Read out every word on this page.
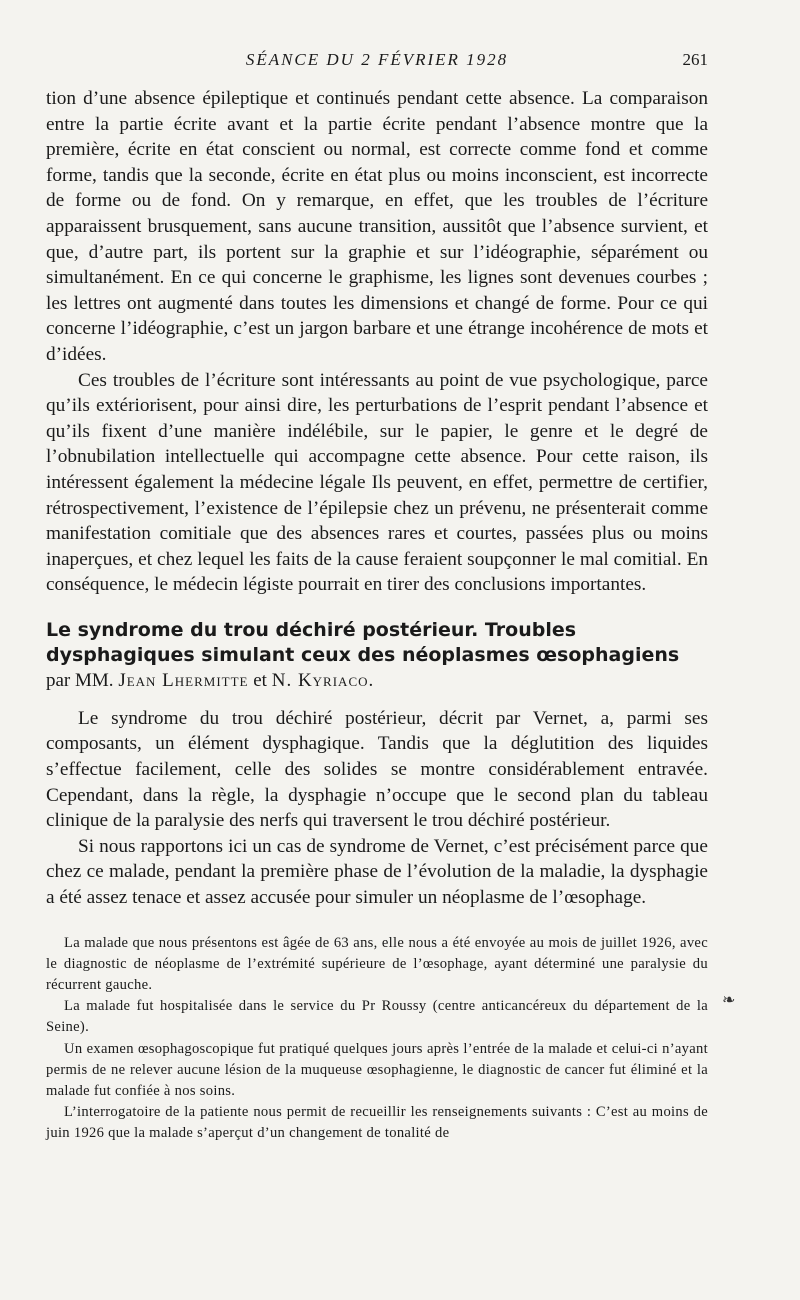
SÉANCE DU 2 FÉVRIER 1928	261

tion d’une absence épileptique et continués pendant cette absence. La comparaison entre la partie écrite avant et la partie écrite pendant l’absence montre que la première, écrite en état conscient ou normal, est correcte comme fond et comme forme, tandis que la seconde, écrite en état plus ou moins inconscient, est incorrecte de forme ou de fond. On y remarque, en effet, que les troubles de l’écriture apparaissent brusquement, sans aucune transition, aussitôt que l’absence survient, et que, d’autre part, ils portent sur la graphie et sur l’idéographie, séparément ou simultanément. En ce qui concerne le graphisme, les lignes sont devenues courbes ; les lettres ont augmenté dans toutes les dimensions et changé de forme. Pour ce qui concerne l’idéographie, c’est un jargon barbare et une étrange incohérence de mots et d’idées.

Ces troubles de l’écriture sont intéressants au point de vue psychologique, parce qu’ils extériorisent, pour ainsi dire, les perturbations de l’esprit pendant l’absence et qu’ils fixent d’une manière indélébile, sur le papier, le genre et le degré de l’obnubilation intellectuelle qui accompagne cette absence. Pour cette raison, ils intéressent également la médecine légale Ils peuvent, en effet, permettre de certifier, rétrospectivement, l’existence de l’épilepsie chez un prévenu, ne présenterait comme manifestation comitiale que des absences rares et courtes, passées plus ou moins inaperçues, et chez lequel les faits de la cause feraient soupçonner le mal comitial. En conséquence, le médecin légiste pourrait en tirer des conclusions importantes.

Le syndrome du trou déchiré postérieur. Troubles dysphagiques simulant ceux des néoplasmes œsophagiens par MM. Jean Lhermitte et N. Kyriaco.

Le syndrome du trou déchiré postérieur, décrit par Vernet, a, parmi ses composants, un élément dysphagique. Tandis que la déglutition des liquides s’effectue facilement, celle des solides se montre considérablement entravée. Cependant, dans la règle, la dysphagie n’occupe que le second plan du tableau clinique de la paralysie des nerfs qui traversent le trou déchiré postérieur.

Si nous rapportons ici un cas de syndrome de Vernet, c’est précisément parce que chez ce malade, pendant la première phase de l’évolution de la maladie, la dysphagie a été assez tenace et assez accusée pour simuler un néoplasme de l’œsophage.

La malade que nous présentons est âgée de 63 ans, elle nous a été envoyée au mois de juillet 1926, avec le diagnostic de néoplasme de l’extrémité supérieure de l’œsophage, ayant déterminé une paralysie du récurrent gauche.

La malade fut hospitalisée dans le service du Pr Roussy (centre anticancéreux du département de la Seine).

Un examen œsophagoscopique fut pratiqué quelques jours après l’entrée de la malade et celui-ci n’ayant permis de ne relever aucune lésion de la muqueuse œsophagienne, le diagnostic de cancer fut éliminé et la malade fut confiée à nos soins.

L’interrogatoire de la patiente nous permit de recueillir les renseignements suivants : C’est au moins de juin 1926 que la malade s’aperçut d’un changement de tonalité de

❧
